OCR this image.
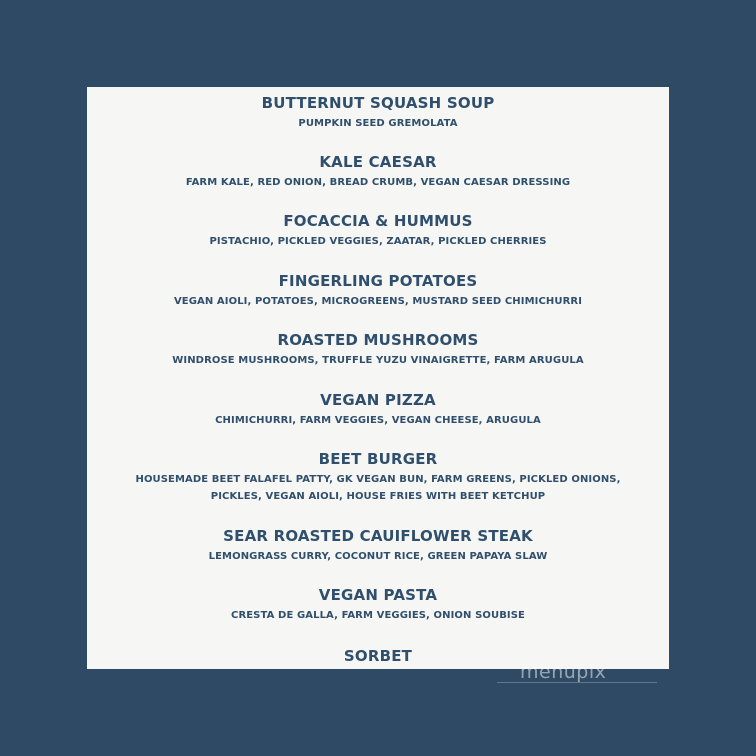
BUTTERNUT SQUASH SOUP
PUMPKIN SEED GREMOLATA
KALE CAESAR
FARM KALE, RED ONION, BREAD CRUMB, VEGAN CAESAR DRESSING
FOCACCIA & HUMMUS
PISTACHIO, PICKLED VEGGIES, ZAATAR, PICKLED CHERRIES
FINGERLING POTATOES
VEGAN AIOLI, POTATOES, MICROGREENS, MUSTARD SEED CHIMICHURRI
ROASTED MUSHROOMS
WINDROSE MUSHROOMS, TRUFFLE YUZU VINAIGRETTE, FARM ARUGULA
VEGAN PIZZA
CHIMICHURRI, FARM VEGGIES, VEGAN CHEESE, ARUGULA
BEET BURGER
HOUSEMADE BEET FALAFEL PATTY, GK VEGAN BUN, FARM GREENS, PICKLED ONIONS,
PICKLES, VEGAN AIOLI, HOUSE FRIES WITH BEET KETCHUP
SEAR ROASTED CAUIFLOWER STEAK
LEMONGRASS CURRY, COCONUT RICE, GREEN PAPAYA SLAW
VEGAN PASTA
CRESTA DE GALLA, FARM VEGGIES, ONION SOUBISE
SORBET
menupix
